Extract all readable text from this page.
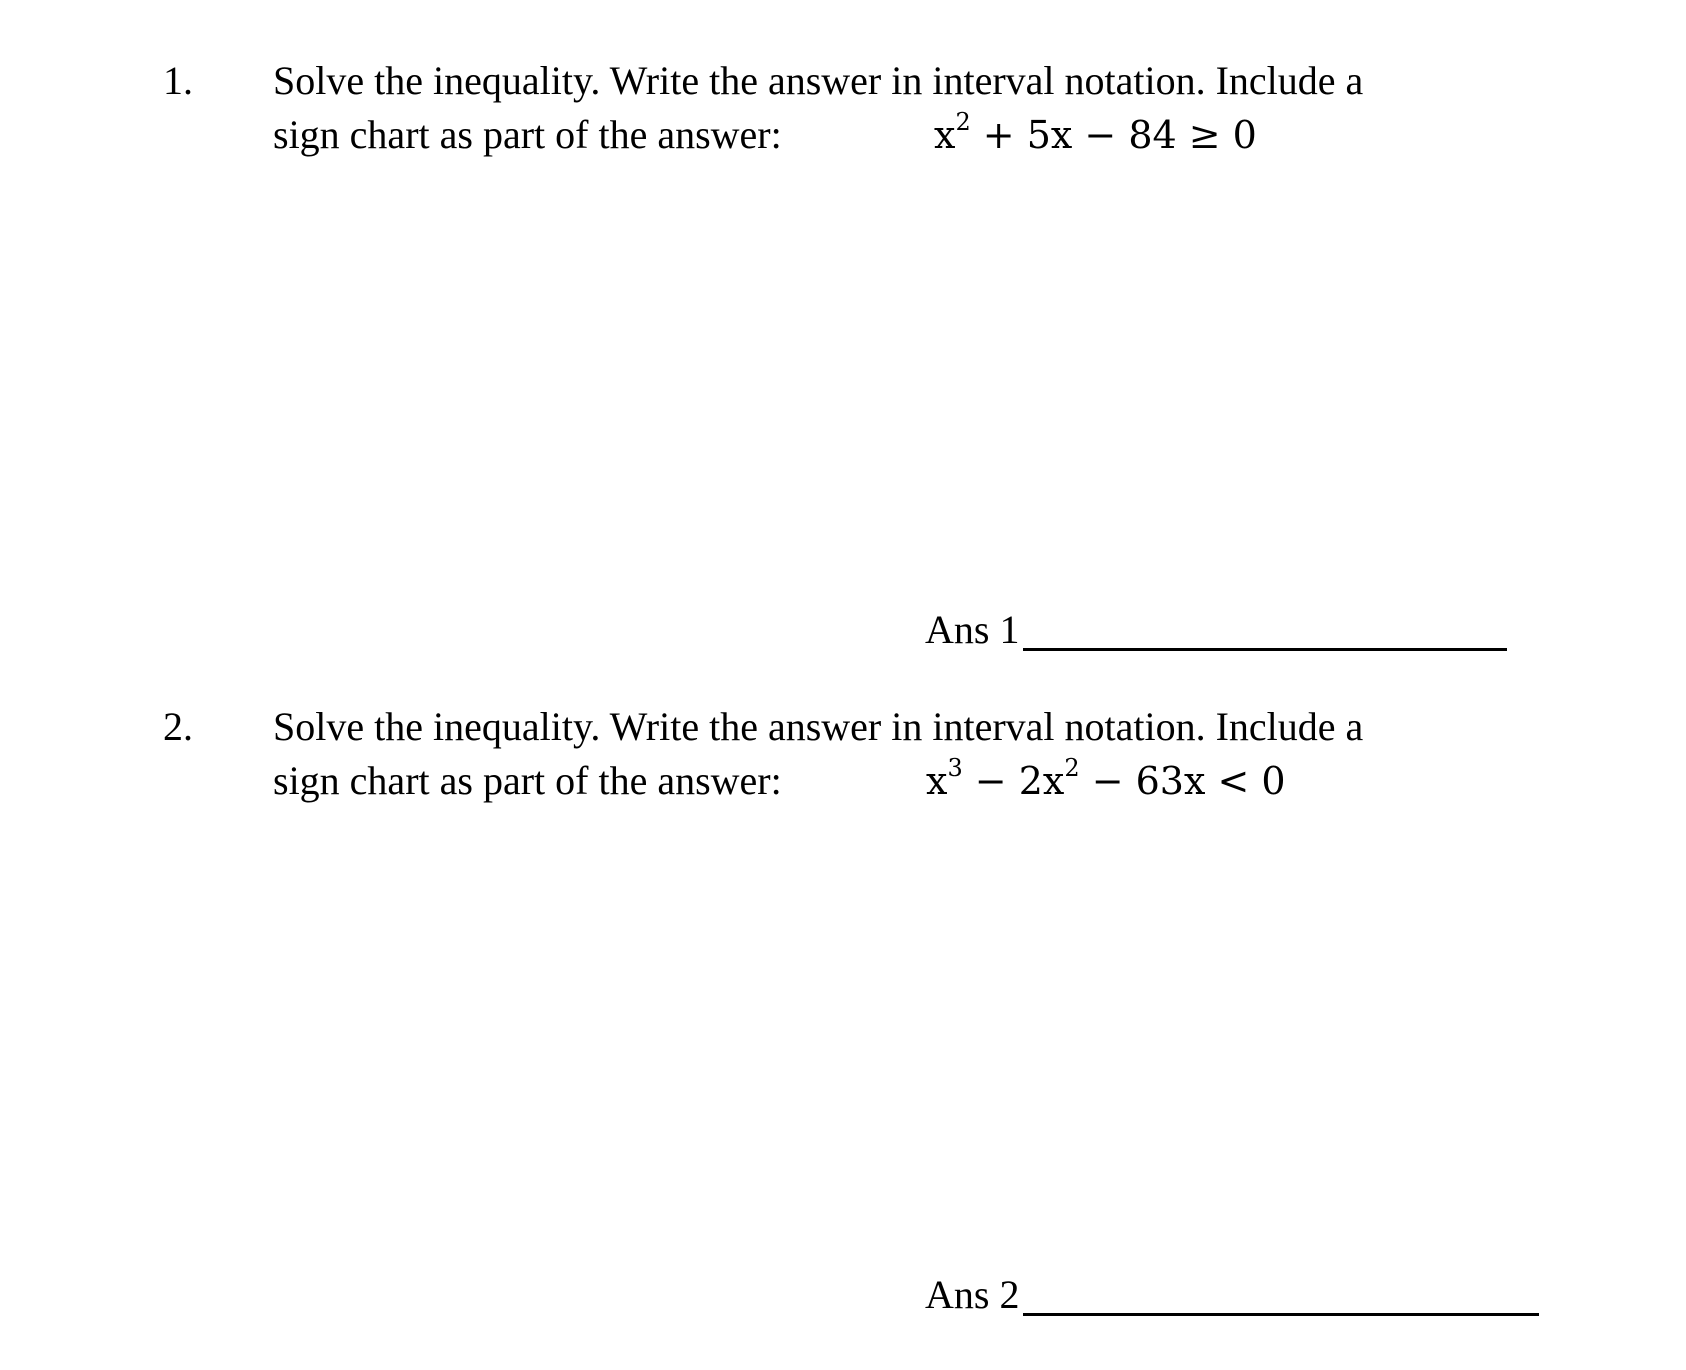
1. Solve the inequality. Write the answer in interval notation. Include a
sign chart as part of the answer:	$x^2 + 5x - 84 \ge 0$
Ans 1
2. Solve the inequality. Write the answer in interval notation. Include a
sign chart as part of the answer:	$x^3 - 2x^2 - 63x < 0$
Ans 2
